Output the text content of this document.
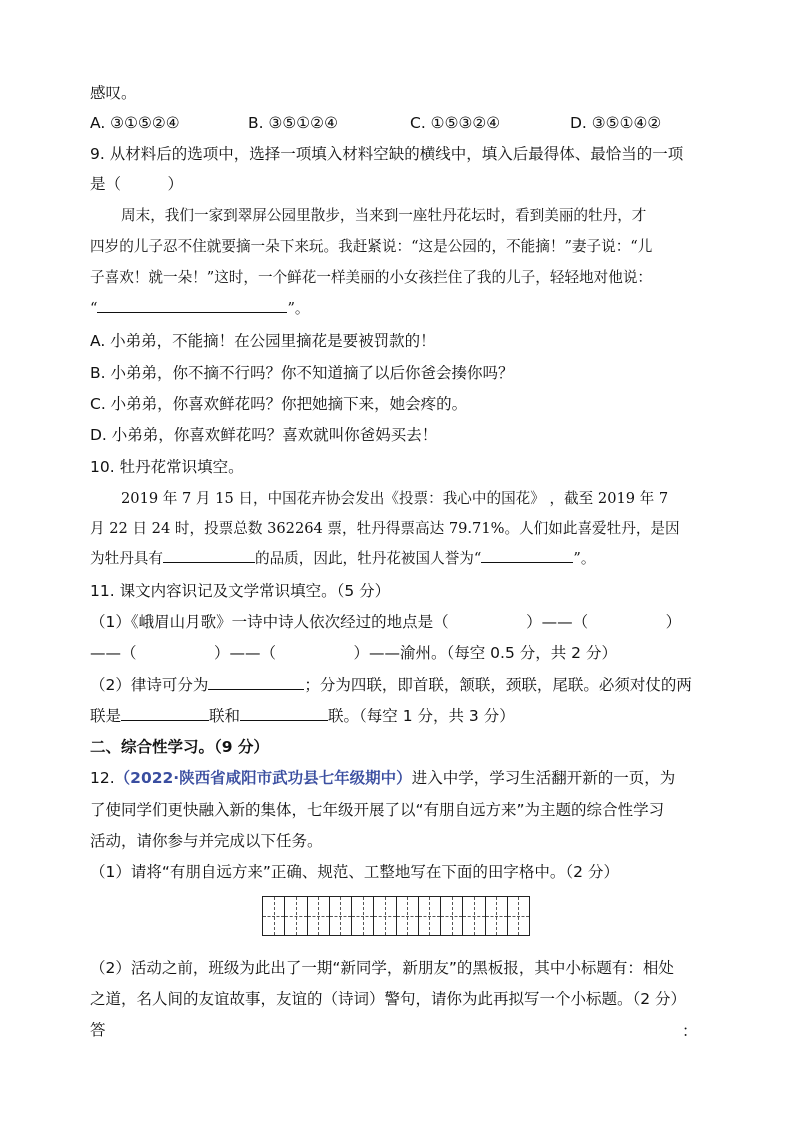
感叹。
A. ③①⑤②④	B. ③⑤①②④	C. ①⑤③②④	D. ③⑤①④②
9. 从材料后的选项中，选择一项填入材料空缺的横线中，填入后最得体、最恰当的一项
是（　　　）
周末，我们一家到翠屏公园里散步，当来到一座牡丹花坛时，看到美丽的牡丹，才
四岁的儿子忍不住就要摘一朵下来玩。我赶紧说：“这是公园的，不能摘！”妻子说：“儿
子喜欢！就一朵！”这时，一个鲜花一样美丽的小女孩拦住了我的儿子，轻轻地对他说：
“	”。
A. 小弟弟，不能摘！在公园里摘花是要被罚款的！
B. 小弟弟，你不摘不行吗？你不知道摘了以后你爸会揍你吗？
C. 小弟弟，你喜欢鲜花吗？你把她摘下来，她会疼的。
D. 小弟弟，你喜欢鲜花吗？喜欢就叫你爸妈买去！
10. 牡丹花常识填空。
2019 年 7 月 15 日，中国花卉协会发出《投票：我心中的国花》 ，截至 2019 年 7
月 22 日 24 时，投票总数 362264 票，牡丹得票高达 79.71%。人们如此喜爱牡丹，是因
为牡丹具有	的品质，因此，牡丹花被国人誉为“	”。
11. 课文内容识记及文学常识填空。（5 分）
（1）《峨眉山月歌》一诗中诗人依次经过的地点是（　　　　　）——（　　　　　）
——（　　　　　）——（　　　　　）——渝州。（每空 0.5 分，共 2 分）
（2）律诗可分为	；分为四联，即首联，颔联，颈联，尾联。必须对仗的两
联是	联和	联。（每空 1 分，共 3 分）
二、综合性学习。（9 分）
12.（2022·陕西省咸阳市武功县七年级期中）进入中学，学习生活翻开新的一页，为
了使同学们更快融入新的集体，七年级开展了以“有朋自远方来”为主题的综合性学习
活动，请你参与并完成以下任务。
（1）请将“有朋自远方来”正确、规范、工整地写在下面的田字格中。（2 分）
（2）活动之前，班级为此出了一期“新同学，新朋友”的黑板报，其中小标题有：相处
之道，名人间的友谊故事，友谊的（诗词）警句，请你为此再拟写一个小标题。（2 分）
答	：
